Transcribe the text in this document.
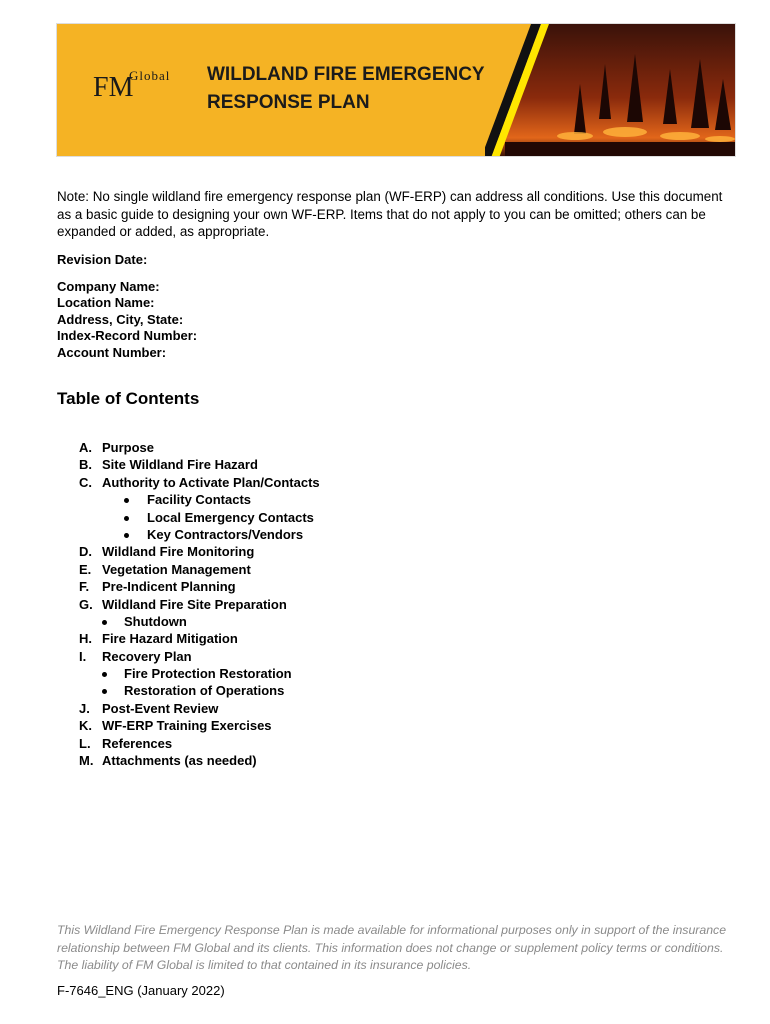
FM
Global WILDLAND FIRE EMERGENCY
RESPONSE PLAN
Note: No single wildland fire emergency response plan (WF-ERP) can address all conditions. Use this document as a basic guide to designing your own WF-ERP. Items that do not apply to you can be omitted; others can be expanded or added, as appropriate.
Revision Date:
Company Name:
Location Name:
Address, City, State:
Index-Record Number:
Account Number:
Table of Contents
A. Purpose
B. Site Wildland Fire Hazard
C. Authority to Activate Plan/Contacts
Facility Contacts
Local Emergency Contacts
Key Contractors/Vendors
D. Wildland Fire Monitoring
E. Vegetation Management
F. Pre-Indicent Planning
G. Wildland Fire Site Preparation
Shutdown
H. Fire Hazard Mitigation
I. Recovery Plan
Fire Protection Restoration
Restoration of Operations
J. Post-Event Review
K. WF-ERP Training Exercises
L. References
M. Attachments (as needed)
This Wildland Fire Emergency Response Plan is made available for informational purposes only in support of the insurance relationship between FM Global and its clients. This information does not change or supplement policy terms or conditions. The liability of FM Global is limited to that contained in its insurance policies.
F-7646_ENG (January 2022)
